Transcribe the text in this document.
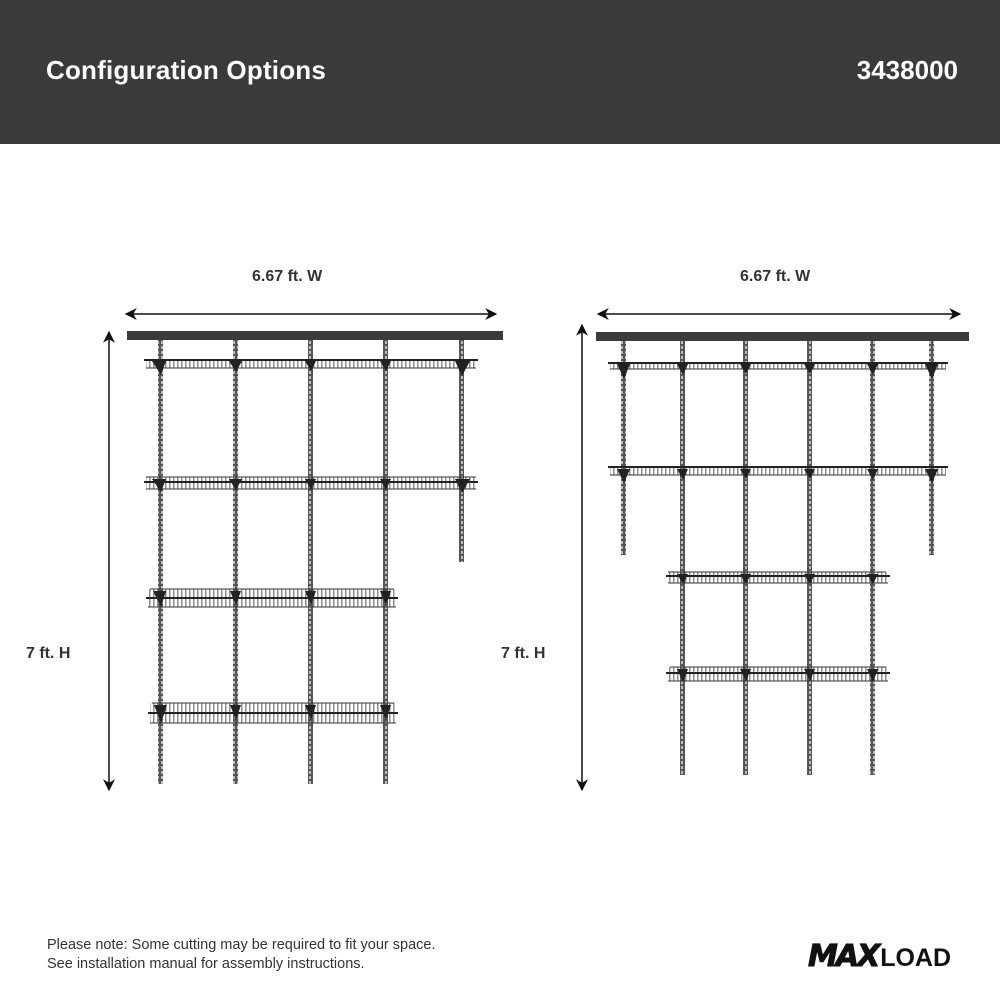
Configuration Options	3438000
6.67 ft. W
7 ft. H
6.67 ft. W
7 ft. H
Please note: Some cutting may be required to fit your space.
See installation manual for assembly instructions.	MAX LOAD
